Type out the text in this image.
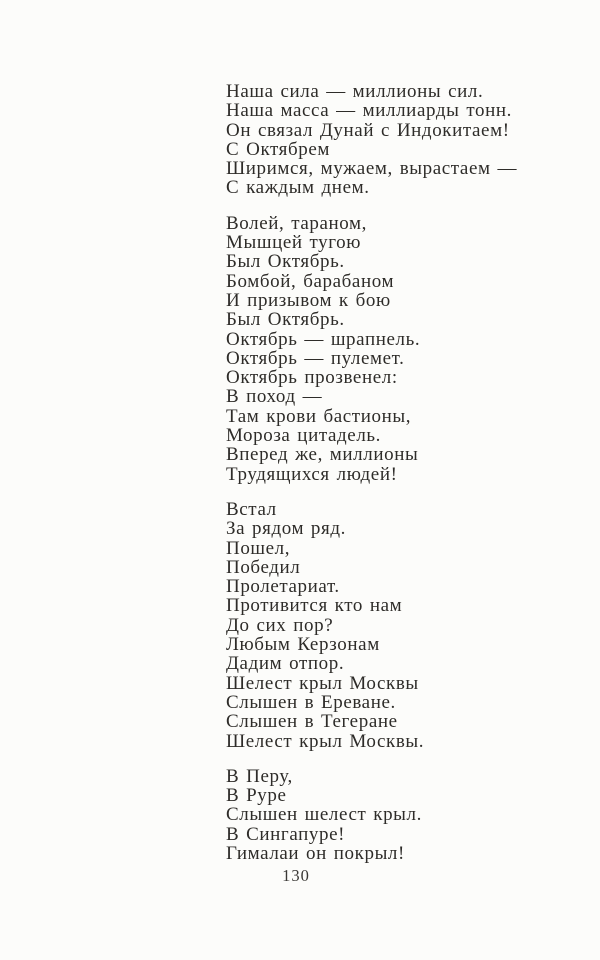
Наша сила — миллионы сил.
Наша масса — миллиарды тонн.
Он связал Дунай с Индокитаем!
С Октябрем
Ширимся, мужаем, вырастаем —
С каждым днем.
Волей, тараном,
Мышцей тугою
Был Октябрь.
Бомбой, барабаном
И призывом к бою
Был Октябрь.
Октябрь — шрапнель.
Октябрь — пулемет.
Октябрь прозвенел:
В поход —
Там крови бастионы,
Мороза цитадель.
Вперед же, миллионы
Трудящихся людей!
Встал
За рядом ряд.
Пошел,
Победил
Пролетариат.
Противится кто нам
До сих пор?
Любым Керзонам
Дадим отпор.
Шелест крыл Москвы
Слышен в Ереване.
Слышен в Тегеране
Шелест крыл Москвы.
В Перу,
В Руре
Слышен шелест крыл.
В Сингапуре!
Гималаи он покрыл!
130
